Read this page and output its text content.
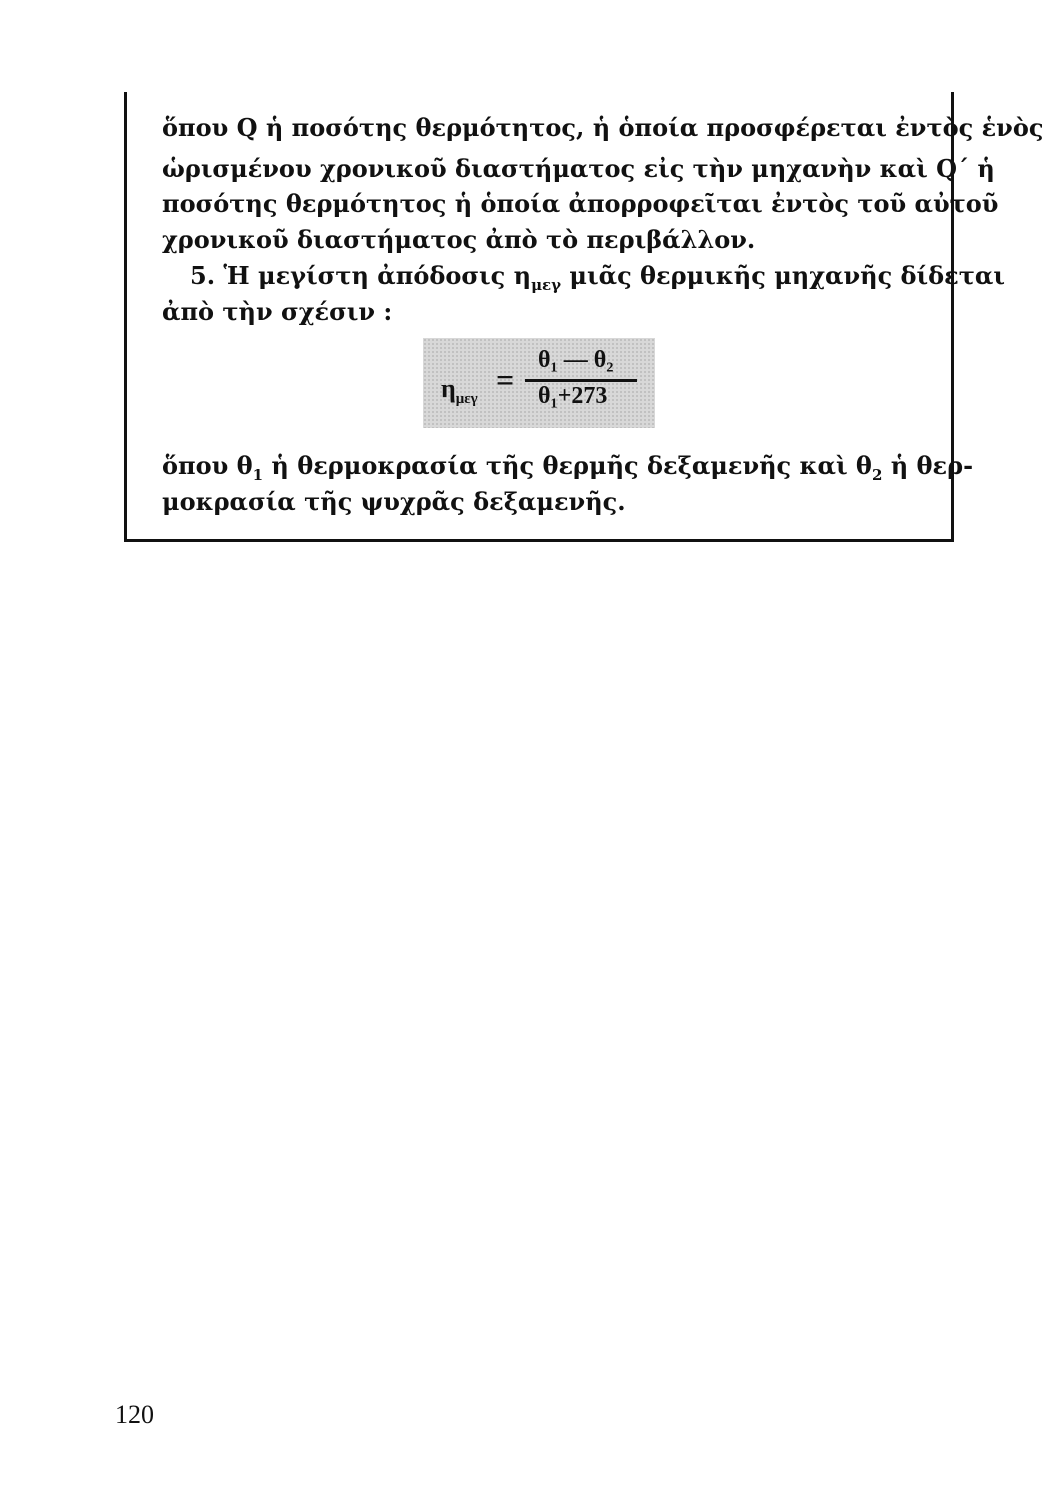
ὅπου Q ἡ ποσότης θερμότητος, ἡ ὁποία προσφέρεται ἐντὸς ἑνὸς
ὡρισμένου χρονικοῦ διαστήματος εἰς τὴν μηχανὴν καὶ Q΄ ἡ
ποσότης θερμότητος ἡ ὁποία ἀπορροφεῖται ἐντὸς τοῦ αὐτοῦ
χρονικοῦ διαστήματος ἀπὸ τὸ περιβάλλον.
5. Ἡ μεγίστη ἀπόδοσις $\eta_{\mu\varepsilon\gamma}$ μιᾶς θερμικῆς μηχανῆς δίδεται
ἀπὸ τὴν σχέσιν :
$\eta_{\mu\varepsilon\gamma}$
=
θ₁ — θ₂
θ₁+273
ὅπου $\theta_1$ ἡ θερμοκρασία τῆς θερμῆς δεξαμενῆς καὶ $\theta_2$ ἡ θερ-
μοκρασία τῆς ψυχρᾶς δεξαμενῆς.
120
